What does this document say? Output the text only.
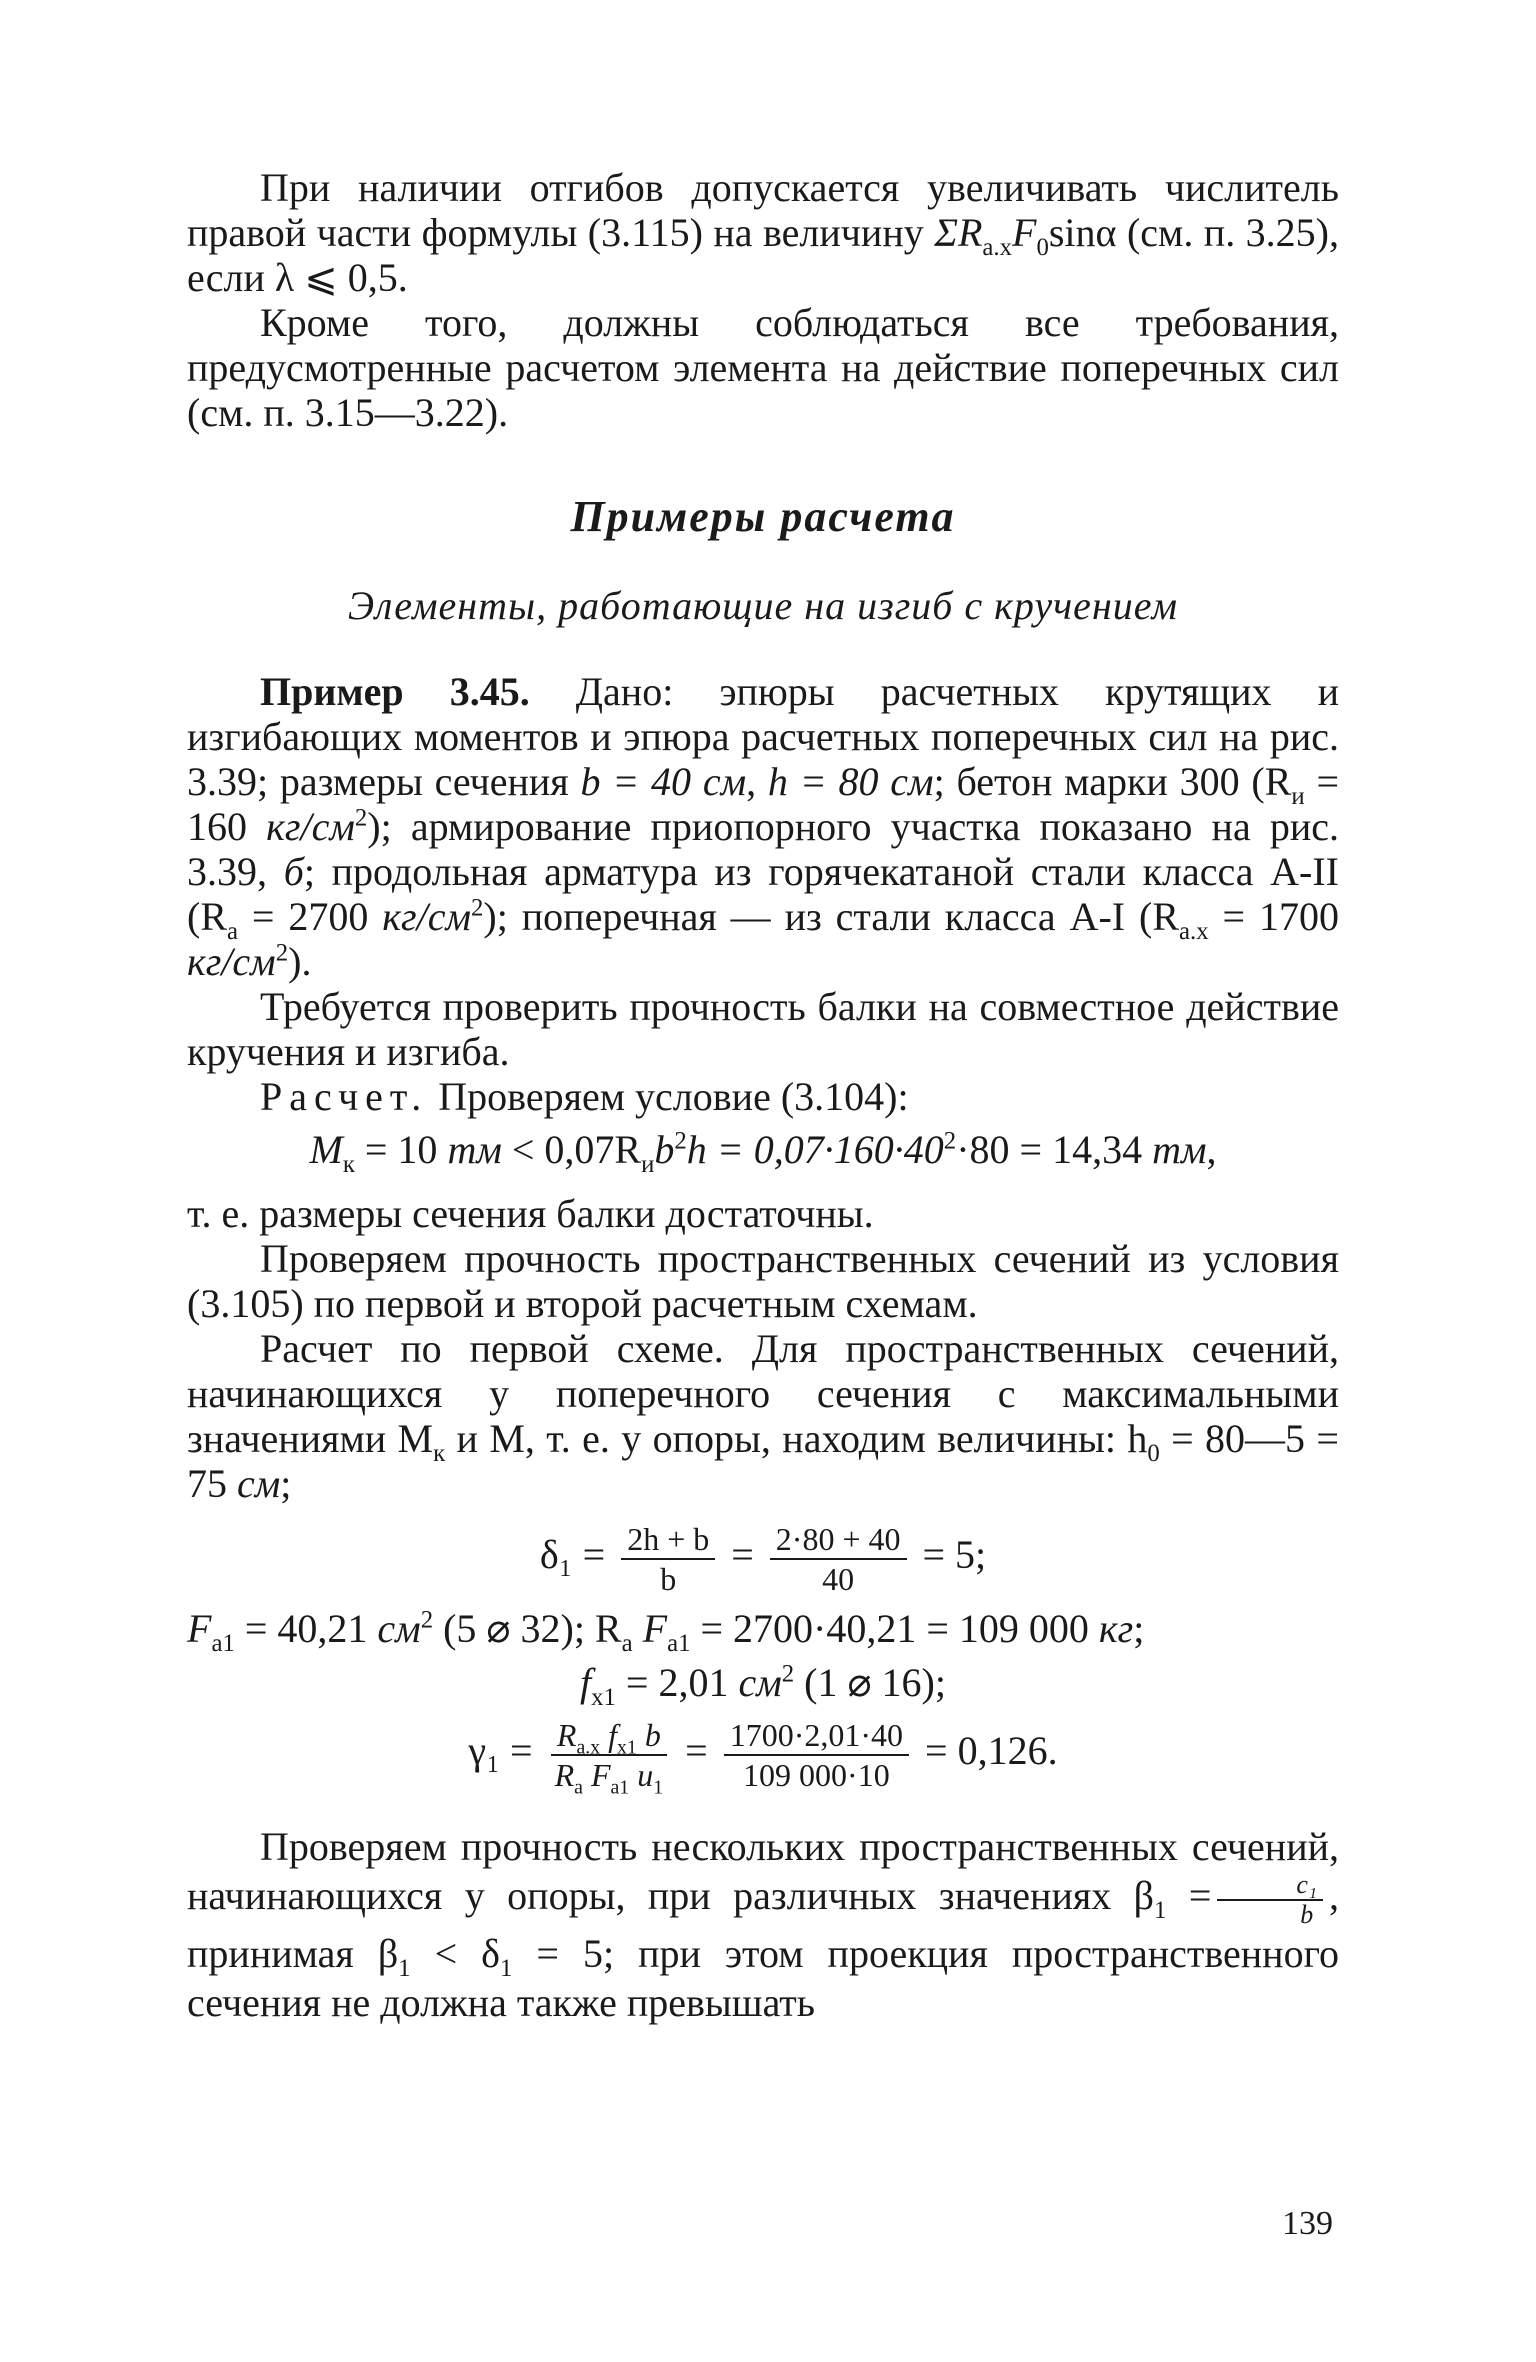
При наличии отгибов допускается увеличивать числитель правой части формулы (3.115) на величину $\Sigma R_{a.x}F_0\sin\alpha$ (см. п. 3.25), если λ ⩽ 0,5.

Кроме того, должны соблюдаться все требования, предусмотренные расчетом элемента на действие поперечных сил (см. п. 3.15—3.22).

Примеры расчета
Элементы, работающие на изгиб с кручением

Пример 3.45. Дано: эпюры расчетных крутящих и изгибающих моментов и эпюра расчетных поперечных сил на рис. 3.39; размеры сечения b = 40 см, h = 80 см; бетон марки 300 ($R_и = 160$ $кг/см^2$); армирование приопорного участка показано на рис. 3.39, б; продольная арматура из горячекатаной стали класса А-II ($R_a = 2700$ $кг/см^2$); поперечная — из стали класса А-I ($R_{a.x} = 1700$ $кг/см^2$).

Требуется проверить прочность балки на совместное действие кручения и изгиба.

Расчет. Проверяем условие (3.104):

$M_к = 10$ тм < $0,07R_иb^2h = 0,07\cdot 160\cdot 40^2\cdot 80 = 14,34$ тм,

т. е. размеры сечения балки достаточны.

Проверяем прочность пространственных сечений из условия (3.105) по первой и второй расчетным схемам.

Расчет по первой схеме. Для пространственных сечений, начинающихся у поперечного сечения с максимальными значениями $M_к$ и M, т. е. у опоры, находим величины: $h_0$ = 80—5 = 75 см;

$\delta_1 = \frac{2h + b}{b} = \frac{2\cdot 80 + 40}{40} = 5$;
$F_{a1} = 40,21$ $см^2$ (5 ⌀ 32); $R_a$ $F_{a1} = 2700\cdot 40,21 = 109$ 000 кг;
$f_{x1} = 2,01$ $см^2$ (1 ⌀ 16);
$\gamma_1 = \frac{R_{a.x} f_{x1} b}{R_a F_{a1} u_1} = \frac{1700\cdot 2,01\cdot 40}{109 000\cdot 10} = 0,126$.

Проверяем прочность нескольких пространственных сечений, начинающихся у опоры, при различных значениях $\beta_1 = \frac{\text{c₁}}{b}$ , принимая $\beta_1 < \delta_1 = 5$; при этом проекция пространственного сечения не должна также превышать

139
